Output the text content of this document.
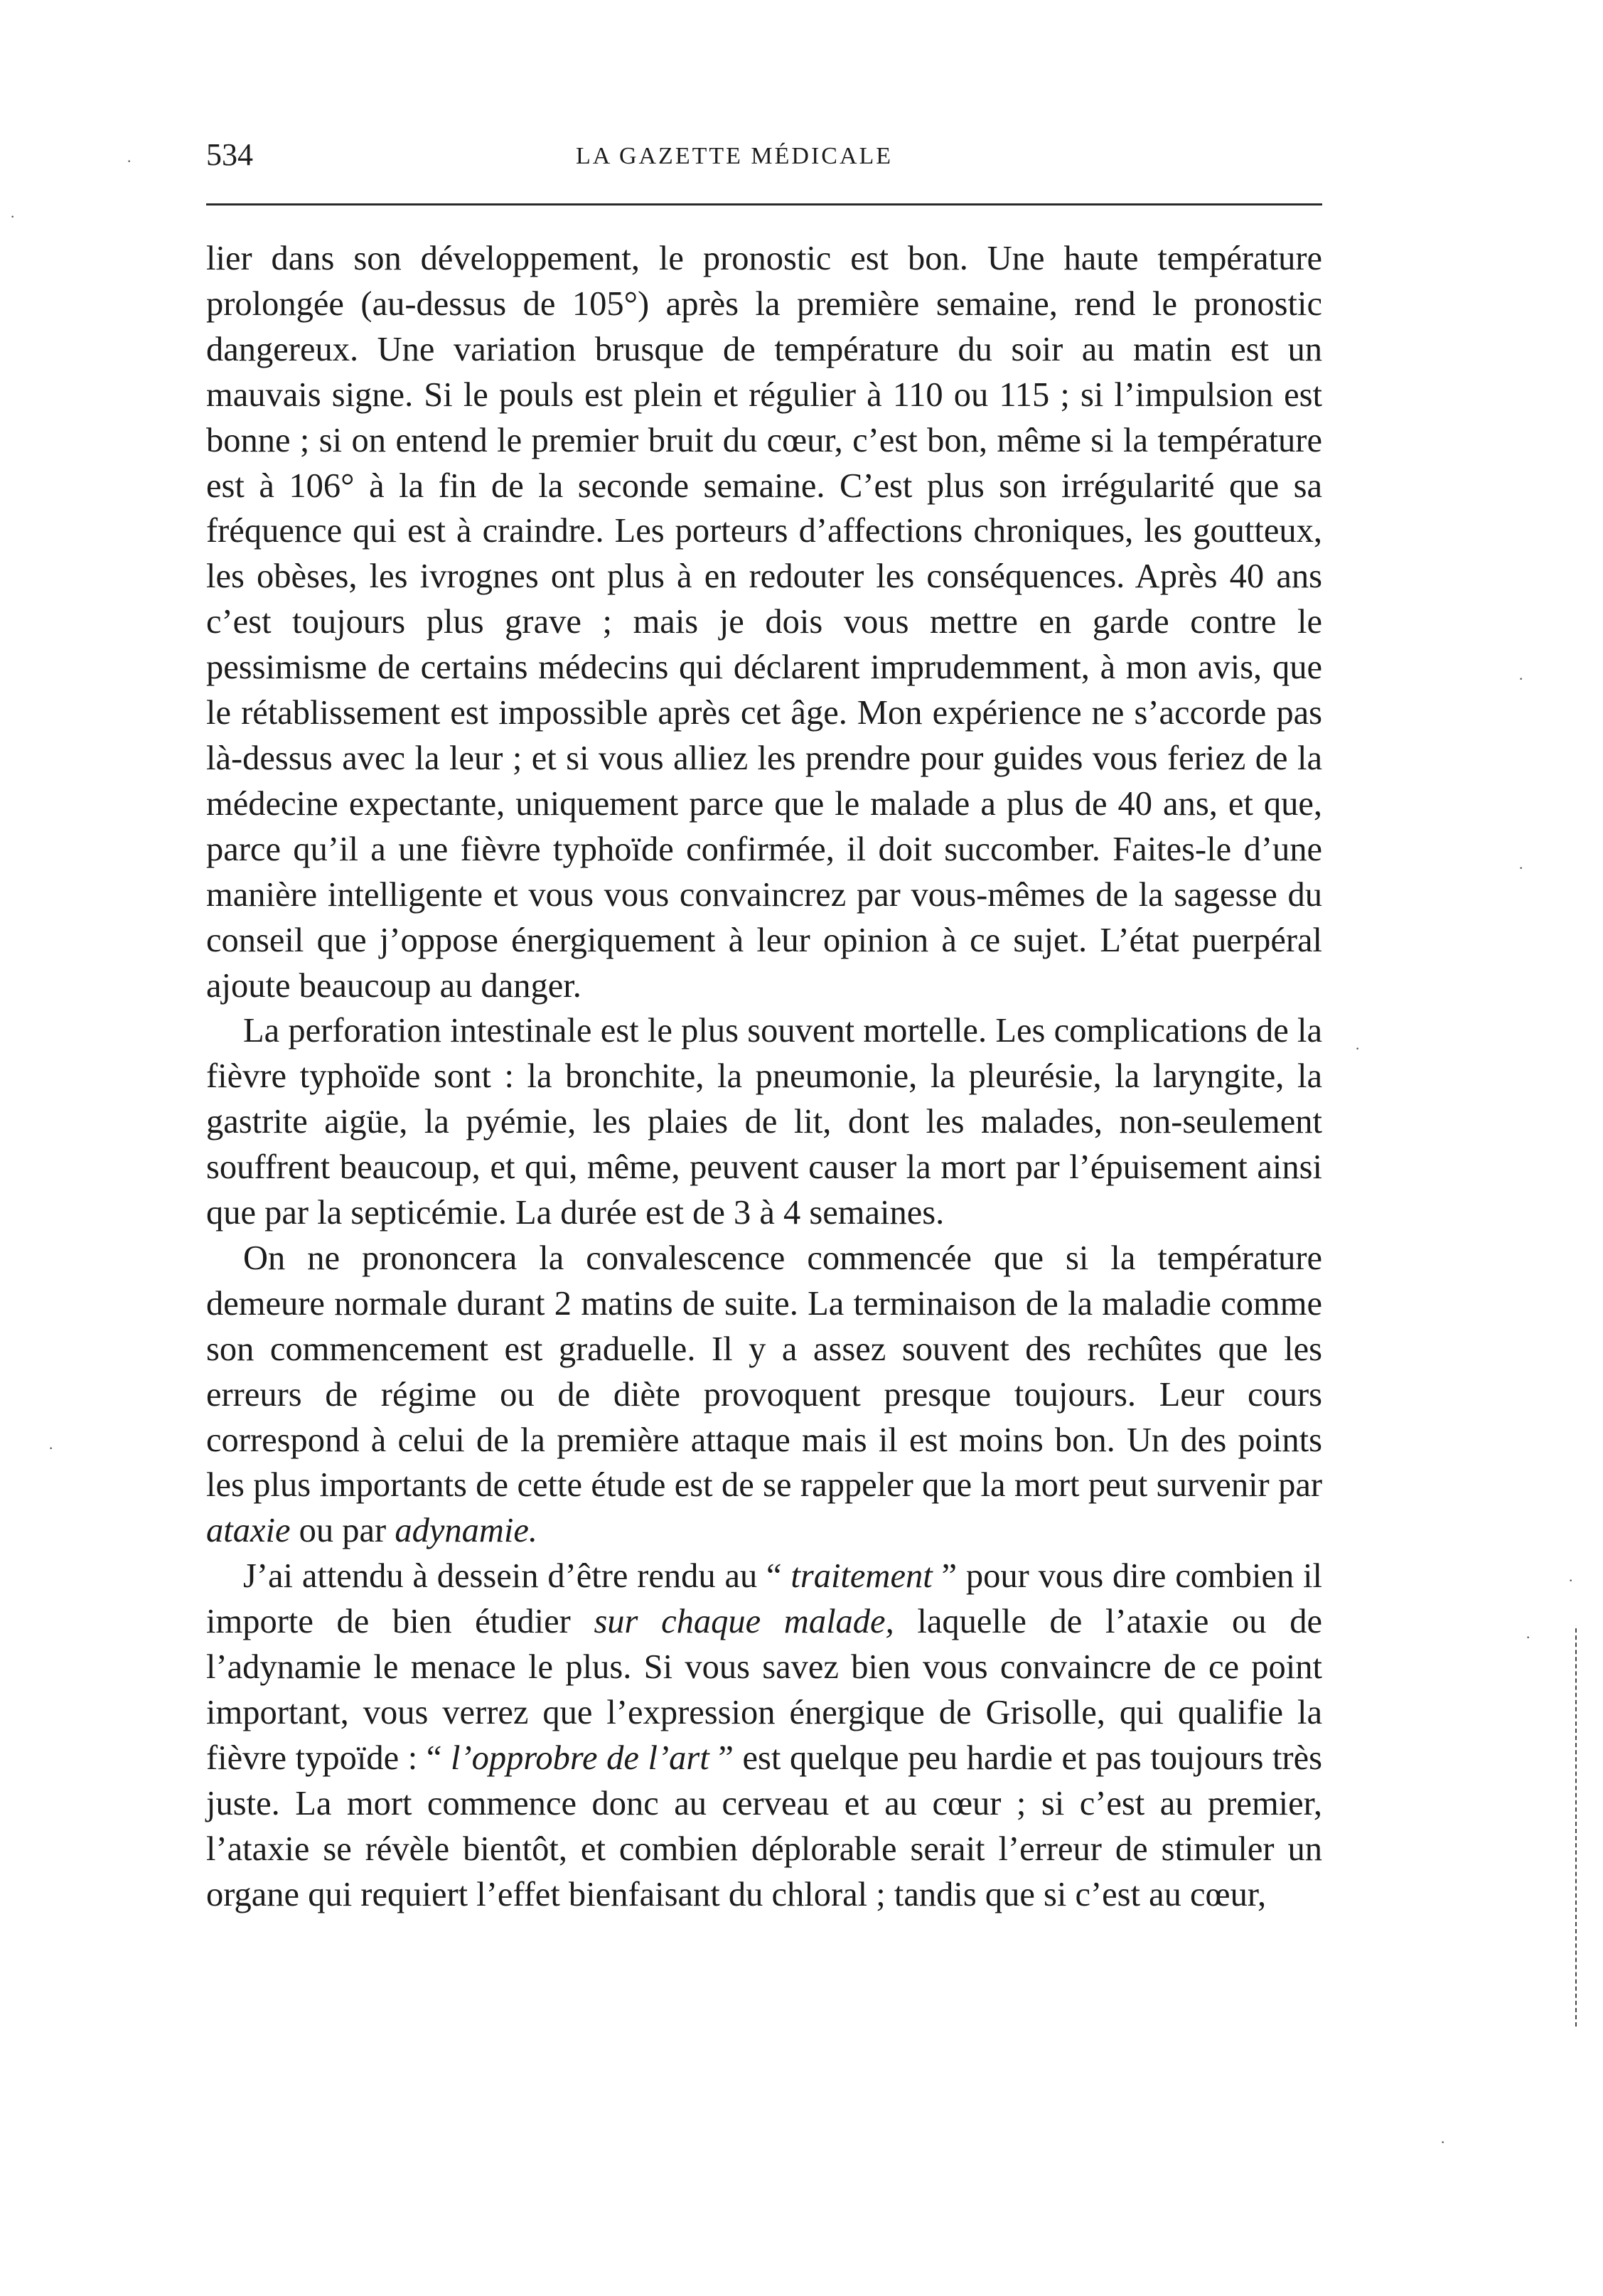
534	LA GAZETTE MÉDICALE

lier dans son développement, le pronostic est bon. Une haute température prolongée (au-dessus de 105°) après la première semaine, rend le pronostic dangereux. Une variation brusque de température du soir au matin est un mauvais signe. Si le pouls est plein et régulier à 110 ou 115 ; si l’impulsion est bonne ; si on entend le premier bruit du cœur, c’est bon, même si la température est à 106° à la fin de la seconde semaine. C’est plus son irrégularité que sa fréquence qui est à craindre. Les porteurs d’affections chroniques, les goutteux, les obèses, les ivrognes ont plus à en redouter les conséquences. Après 40 ans c’est toujours plus grave ; mais je dois vous mettre en garde contre le pessimisme de certains médecins qui déclarent imprudemment, à mon avis, que le rétablissement est impossible après cet âge. Mon expérience ne s’accorde pas là-dessus avec la leur ; et si vous alliez les prendre pour guides vous feriez de la médecine expectante, uniquement parce que le malade a plus de 40 ans, et que, parce qu’il a une fièvre typhoïde confirmée, il doit succomber. Faites-le d’une manière intelligente et vous vous convaincrez par vous-mêmes de la sagesse du conseil que j’oppose énergiquement à leur opinion à ce sujet. L’état puerpéral ajoute beaucoup au danger.

La perforation intestinale est le plus souvent mortelle. Les complications de la fièvre typhoïde sont : la bronchite, la pneumonie, la pleurésie, la laryngite, la gastrite aigüe, la pyémie, les plaies de lit, dont les malades, non-seulement souffrent beaucoup, et qui, même, peuvent causer la mort par l’épuisement ainsi que par la septicémie. La durée est de 3 à 4 semaines.

On ne prononcera la convalescence commencée que si la température demeure normale durant 2 matins de suite. La terminaison de la maladie comme son commencement est graduelle. Il y a assez souvent des rechûtes que les erreurs de régime ou de diète provoquent presque toujours. Leur cours correspond à celui de la première attaque mais il est moins bon. Un des points les plus importants de cette étude est de se rappeler que la mort peut survenir par ataxie ou par adynamie.

J’ai attendu à dessein d’être rendu au “ traitement ” pour vous dire combien il importe de bien étudier sur chaque malade, laquelle de l’ataxie ou de l’adynamie le menace le plus. Si vous savez bien vous convaincre de ce point important, vous verrez que l’expression énergique de Grisolle, qui qualifie la fièvre typoïde : “ l’opprobre de l’art ” est quelque peu hardie et pas toujours très juste. La mort commence donc au cerveau et au cœur ; si c’est au premier, l’ataxie se révèle bientôt, et combien déplorable serait l’erreur de stimuler un organe qui requiert l’effet bienfaisant du chloral ; tandis que si c’est au cœur,

·
·
·
·
·
·
·
·
·
